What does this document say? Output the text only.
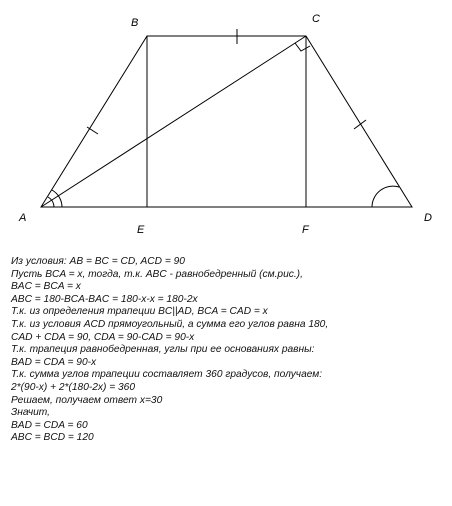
A
B	C
D
E	F
Из условия: AB = BC = CD, ACD = 90
Пусть BCA = x, тогда, т.к. ABC - равнобедренный (см.рис.),
BAC = BCA = x
ABC = 180-BCA-BAC = 180-x-x = 180-2x
Т.к. из определения трапеции BC||AD, BCA = CAD = x
Т.к. из условия ACD прямоугольный, а сумма его углов равна 180,
CAD + CDA = 90, CDA = 90-CAD = 90-x
Т.к. трапеция равнобедренная, углы при ее основаниях равны:
BAD = CDA = 90-x
Т.к. сумма углов трапеции составляет 360 градусов, получаем:
2*(90-x) + 2*(180-2x) = 360
Решаем, получаем ответ x=30
Значит,
BAD = CDA = 60
ABC = BCD = 120
